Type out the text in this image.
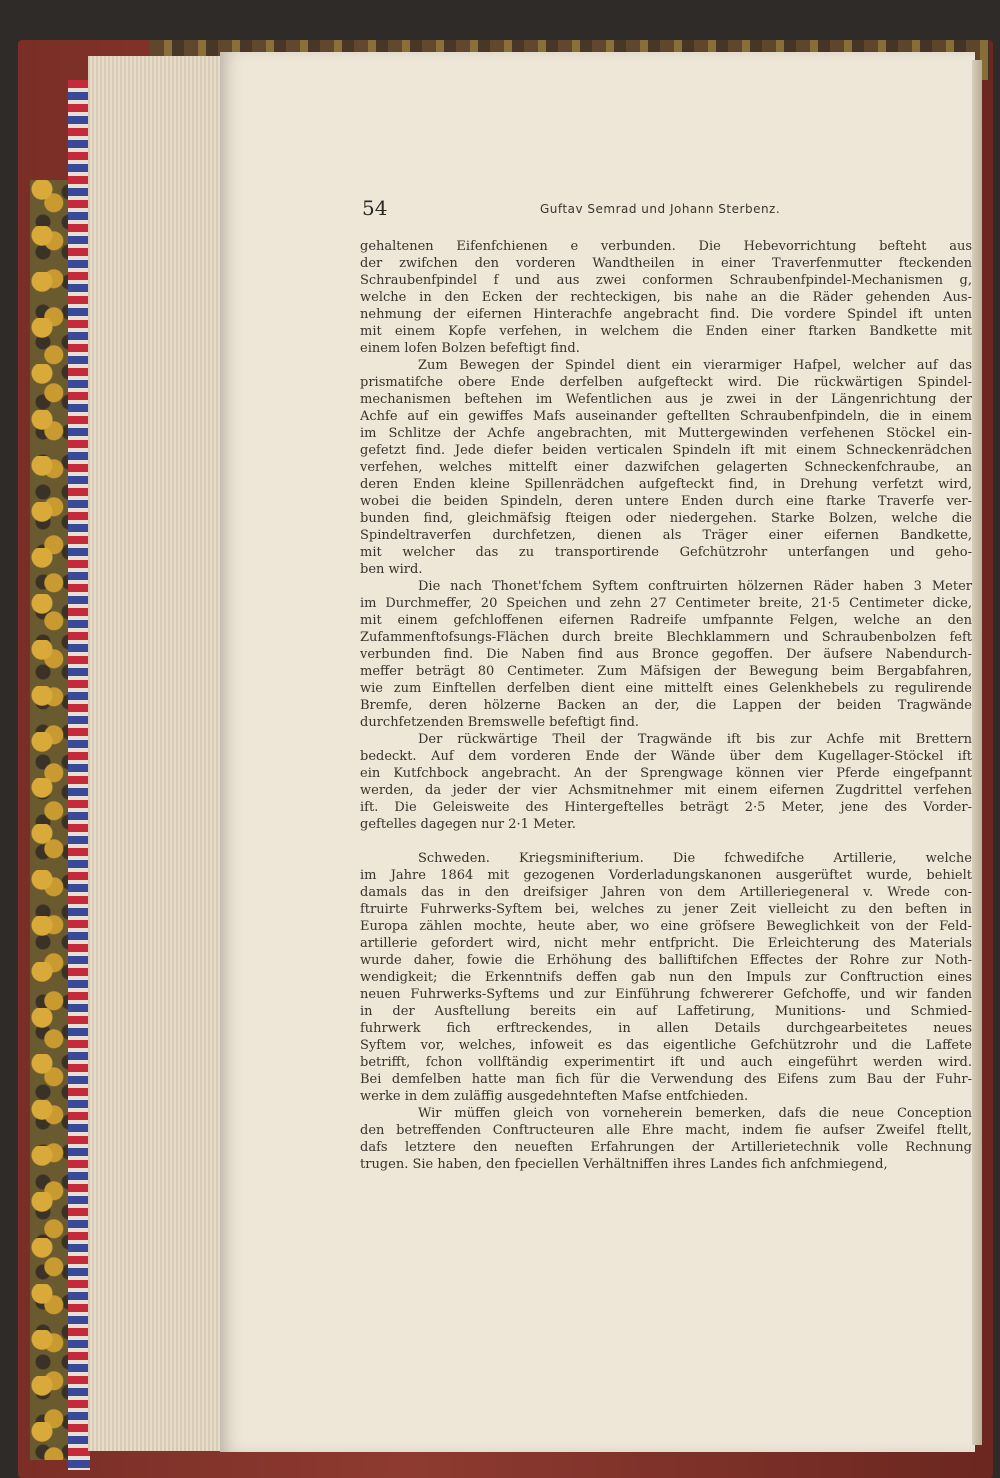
54	Guftav Semrad und Johann Sterbenz.

gehaltenen Eifenfchienen e verbunden. Die Hebevorrichtung befteht aus

der zwifchen den vorderen Wandtheilen in einer Traverfenmutter fteckenden

Schraubenfpindel f und aus zwei conformen Schraubenfpindel-Mechanismen g,

welche in den Ecken der rechteckigen, bis nahe an die Räder gehenden Aus-

nehmung der eifernen Hinterachfe angebracht find. Die vordere Spindel ift unten

mit einem Kopfe verfehen, in welchem die Enden einer ftarken Bandkette mit

einem lofen Bolzen befeftigt find.

Zum Bewegen der Spindel dient ein vierarmiger Hafpel, welcher auf das

prismatifche obere Ende derfelben aufgefteckt wird. Die rückwärtigen Spindel-

mechanismen beftehen im Wefentlichen aus je zwei in der Längenrichtung der

Achfe auf ein gewiffes Mafs auseinander geftellten Schraubenfpindeln, die in einem

im Schlitze der Achfe angebrachten, mit Muttergewinden verfehenen Stöckel ein-

gefetzt find. Jede diefer beiden verticalen Spindeln ift mit einem Schneckenrädchen

verfehen, welches mittelft einer dazwifchen gelagerten Schneckenfchraube, an

deren Enden kleine Spillenrädchen aufgefteckt find, in Drehung verfetzt wird,

wobei die beiden Spindeln, deren untere Enden durch eine ftarke Traverfe ver-

bunden find, gleichmäfsig fteigen oder niedergehen. Starke Bolzen, welche die

Spindeltraverfen durchfetzen, dienen als Träger einer eifernen Bandkette,

mit welcher das zu transportirende Gefchützrohr unterfangen und geho-

ben wird.

Die nach Thonet'fchem Syftem conftruirten hölzernen Räder haben 3 Meter

im Durchmeffer, 20 Speichen und zehn 27 Centimeter breite, 21·5 Centimeter dicke,

mit einem gefchloffenen eifernen Radreife umfpannte Felgen, welche an den

Zufammenftofsungs-Flächen durch breite Blechklammern und Schraubenbolzen feft

verbunden find. Die Naben find aus Bronce gegoffen. Der äufsere Nabendurch-

meffer beträgt 80 Centimeter. Zum Mäfsigen der Bewegung beim Bergabfahren,

wie zum Einftellen derfelben dient eine mittelft eines Gelenkhebels zu regulirende

Bremfe, deren hölzerne Backen an der, die Lappen der beiden Tragwände

durchfetzenden Bremswelle befeftigt find.

Der rückwärtige Theil der Tragwände ift bis zur Achfe mit Brettern

bedeckt. Auf dem vorderen Ende der Wände über dem Kugellager-Stöckel ift

ein Kutfchbock angebracht. An der Sprengwage können vier Pferde eingefpannt

werden, da jeder der vier Achsmitnehmer mit einem eifernen Zugdrittel verfehen

ift. Die Geleisweite des Hintergeftelles beträgt 2·5 Meter, jene des Vorder-

geftelles dagegen nur 2·1 Meter.

Schweden. Kriegsminifterium. Die fchwedifche Artillerie, welche

im Jahre 1864 mit gezogenen Vorderladungskanonen ausgerüftet wurde, behielt

damals das in den dreifsiger Jahren von dem Artilleriegeneral v. Wrede con-

ftruirte Fuhrwerks-Syftem bei, welches zu jener Zeit vielleicht zu den beften in

Europa zählen mochte, heute aber, wo eine gröfsere Beweglichkeit von der Feld-

artillerie gefordert wird, nicht mehr entfpricht. Die Erleichterung des Materials

wurde daher, fowie die Erhöhung des balliftifchen Effectes der Rohre zur Noth-

wendigkeit; die Erkenntnifs deffen gab nun den Impuls zur Conftruction eines

neuen Fuhrwerks-Syftems und zur Einführung fchwererer Gefchoffe, und wir fanden

in der Ausftellung bereits ein auf Laffetirung, Munitions- und Schmied-

fuhrwerk fich erftreckendes, in allen Details durchgearbeitetes neues

Syftem vor, welches, infoweit es das eigentliche Gefchützrohr und die Laffete

betrifft, fchon vollftändig experimentirt ift und auch eingeführt werden wird.

Bei demfelben hatte man fich für die Verwendung des Eifens zum Bau der Fuhr-

werke in dem zuläffig ausgedehnteften Mafse entfchieden.

Wir müffen gleich von vorneherein bemerken, dafs die neue Conception

den betreffenden Conftructeuren alle Ehre macht, indem fie aufser Zweifel ftellt,

dafs letztere den neueften Erfahrungen der Artillerietechnik volle Rechnung

trugen. Sie haben, den fpeciellen Verhältniffen ihres Landes fich anfchmiegend,
